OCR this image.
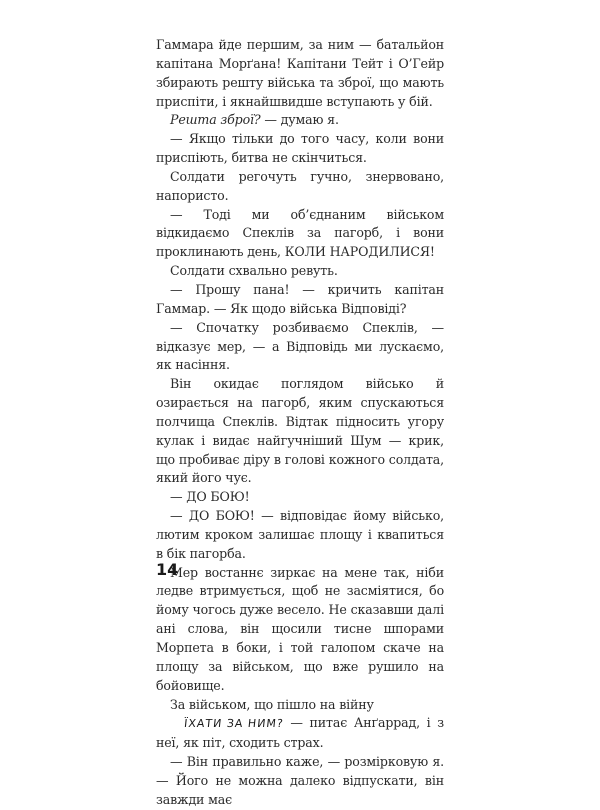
Гаммара йде першим, за ним — батальйон капітана Морґана! Капітани Тейт і О’Гейр збирають решту війська та зброї, що мають приспіти, і якнайшвидше вступають у бій.

Решта зброї? — думаю я.

— Якщо тільки до того часу, коли вони приспіють, битва не скінчиться.

Солдати регочуть гучно, знервовано, напористо.

— Тоді ми об’єднаним військом відкидаємо Спеклів за пагорб, і вони проклинають день, КОЛИ НАРОДИЛИСЯ!

Солдати схвально ревуть.

— Прошу пана! — кричить капітан Гаммар. — Як щодо війська Відповіді?

— Спочатку розбиваємо Спеклів, — відказує мер, — а Відповідь ми лускаємо, як насіння.

Він окидає поглядом військо й озирається на пагорб, яким спускаються полчища Спеклів. Відтак підносить угору кулак і видає найгучніший Шум — крик, що пробиває діру в голові кожного солдата, який його чує.

— ДО БОЮ!

— ДО БОЮ! — відповідає йому військо, лютим кроком залишає площу і квапиться в бік пагорба.

Мер востаннє зиркає на мене так, ніби ледве втримується, щоб не засміятися, бо йому чогось дуже весело. Не сказавши далі ані слова, він щосили тисне шпорами Морпета в боки, і той галопом скаче на площу за військом, що вже рушило на бойовище.

За військом, що пішло на війну

ЇХАТИ ЗА НИМ? — питає Анґаррад, і з неї, як піт, сходить страх.

— Він правильно каже, — розмірковую я. — Його не можна далеко відпускати, він завжди має

14
